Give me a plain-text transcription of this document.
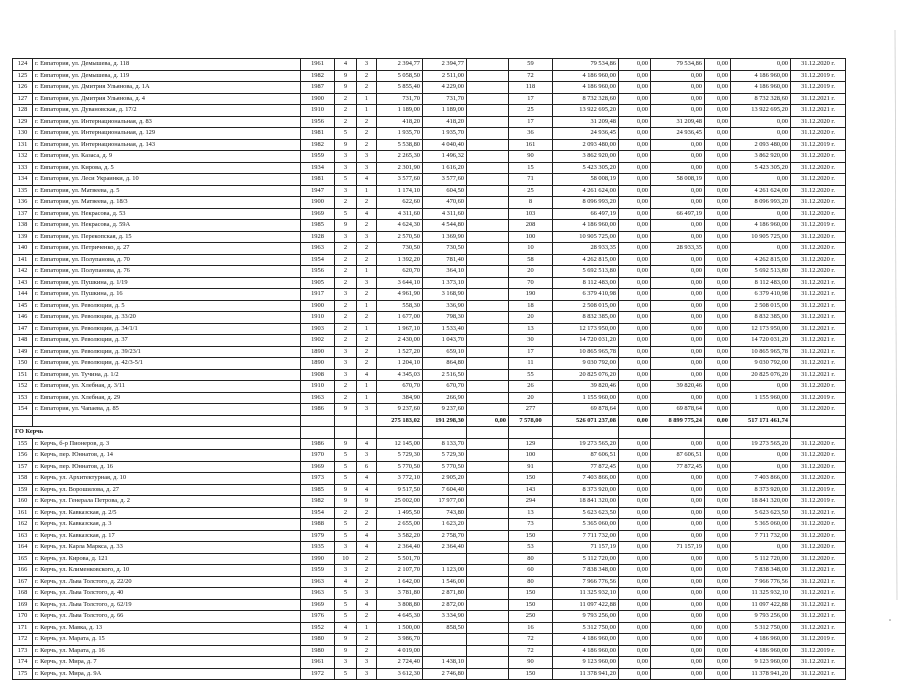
124	г. Евпатория, ул. Демышева, д. 118	1961	4	3	2 394,77	2 394,77		59	79 534,86	0,00	79 534,86	0,00	0,00	31.12.2020 г.
125	г. Евпатория, ул. Демышева, д. 119	1982	9	2	5 058,50	2 511,00		72	4 186 960,00	0,00	0,00	0,00	4 186 960,00	31.12.2019 г.
126	г. Евпатория, ул. Дмитрия Ульянова, д. 1А	1987	9	2	5 855,40	4 229,00		118	4 186 960,00	0,00	0,00	0,00	4 186 960,00	31.12.2019 г.
127	г. Евпатория, ул. Дмитрия Ульянова, д. 4	1900	2	1	731,70	731,70		17	8 732 328,60	0,00	0,00	0,00	8 732 328,60	31.12.2021 г.
128	г. Евпатория, ул. Дувановская, д. 17/2	1910	2	1	1 189,00	1 189,00		25	13 922 695,20	0,00	0,00	0,00	13 922 695,20	31.12.2021 г.
129	г. Евпатория, ул. Интернациональная, д. 83	1956	2	2	418,20	418,20		17	31 209,48	0,00	31 209,48	0,00	0,00	31.12.2020 г.
130	г. Евпатория, ул. Интернациональная, д. 129	1981	5	2	1 935,70	1 935,70		36	24 936,45	0,00	24 936,45	0,00	0,00	31.12.2020 г.
131	г. Евпатория, ул. Интернациональная, д. 143	1982	9	2	5 538,80	4 040,40		161	2 093 480,00	0,00	0,00	0,00	2 093 480,00	31.12.2019 г.
132	г. Евпатория, ул. Казаса, д. 9	1959	3	3	2 265,30	1 496,32		90	3 862 920,00	0,00	0,00	0,00	3 862 920,00	31.12.2020 г.
133	г. Евпатория, ул. Кирова, д. 5	1934	3	3	2 301,90	1 616,20		15	5 423 305,20	0,00	0,00	0,00	5 423 305,20	31.12.2020 г.
134	г. Евпатория, ул. Леси Украинки, д. 10	1981	5	4	3 577,60	3 577,60		71	58 008,19	0,00	58 008,19	0,00	0,00	31.12.2020 г.
135	г. Евпатория, ул. Матвеева, д. 5	1947	3	1	1 174,10	604,50		25	4 261 624,00	0,00	0,00	0,00	4 261 624,00	31.12.2020 г.
136	г. Евпатория, ул. Матвеева, д. 18/3	1900	2	2	622,60	470,60		8	8 096 993,20	0,00	0,00	0,00	8 096 993,20	31.12.2020 г.
137	г. Евпатория, ул. Некрасова, д. 53	1969	5	4	4 311,60	4 311,60		103	66 497,19	0,00	66 497,19	0,00	0,00	31.12.2020 г.
138	г. Евпатория, ул. Некрасова, д. 59А	1985	9	2	4 624,30	4 544,80		208	4 186 960,00	0,00	0,00	0,00	4 186 960,00	31.12.2019 г.
139	г. Евпатория, ул. Перекопская, д. 15	1928	3	3	2 570,50	1 369,90		100	10 905 725,00	0,00	0,00	0,00	10 905 725,00	31.12.2020 г.
140	г. Евпатория, ул. Петриченко, д. 27	1963	2	2	730,50	730,50		10	28 933,35	0,00	28 933,35	0,00	0,00	31.12.2020 г.
141	г. Евпатория, ул. Полупанова, д. 70	1954	2	2	1 392,20	781,40		58	4 262 815,00	0,00	0,00	0,00	4 262 815,00	31.12.2020 г.
142	г. Евпатория, ул. Полупанова, д. 76	1956	2	1	620,70	364,10		20	5 692 513,80	0,00	0,00	0,00	5 692 513,80	31.12.2020 г.
143	г. Евпатория, ул. Пушкина, д. 1/19	1905	2	3	3 644,10	1 373,10		70	8 112 483,00	0,00	0,00	0,00	8 112 483,00	31.12.2021 г.
144	г. Евпатория, ул. Пушкина, д. 16	1917	3	2	4 961,90	3 168,90		190	6 379 410,98	0,00	0,00	0,00	6 379 410,98	31.12.2021 г.
145	г. Евпатория, ул. Революции, д. 5	1900	2	1	558,30	336,90		18	2 508 015,00	0,00	0,00	0,00	2 508 015,00	31.12.2021 г.
146	г. Евпатория, ул. Революции, д. 33/20	1910	2	2	1 677,00	798,30		20	8 832 385,00	0,00	0,00	0,00	8 832 385,00	31.12.2021 г.
147	г. Евпатория, ул. Революции, д. 34/1/1	1903	2	1	1 967,10	1 533,40		13	12 173 950,00	0,00	0,00	0,00	12 173 950,00	31.12.2021 г.
148	г. Евпатория, ул. Революции, д. 37	1902	2	2	2 430,00	1 043,70		30	14 720 031,20	0,00	0,00	0,00	14 720 031,20	31.12.2021 г.
149	г. Евпатория, ул. Революции, д. 39/23/1	1890	3	2	1 527,20	659,10		17	10 865 965,78	0,00	0,00	0,00	10 865 965,78	31.12.2021 г.
150	г. Евпатория, ул. Революции, д. 42/3-5/1	1890	3	2	1 204,10	864,80		11	9 030 792,00	0,00	0,00	0,00	9 030 792,00	31.12.2021 г.
151	г. Евпатория, ул. Тучина, д. 1/2	1908	3	4	4 345,03	2 516,50		55	20 825 076,20	0,00	0,00	0,00	20 825 076,20	31.12.2021 г.
152	г. Евпатория, ул. Хлебная, д. 3/11	1910	2	1	670,70	670,70		26	39 820,46	0,00	39 820,46	0,00	0,00	31.12.2020 г.
153	г. Евпатория, ул. Хлебная, д. 29	1963	2	1	384,90	266,90		20	1 155 960,00	0,00	0,00	0,00	1 155 960,00	31.12.2019 г.
154	г. Евпатория, ул. Чапаева, д. 85	1986	9	3	9 237,60	9 237,60		277	69 878,64	0,00	69 878,64	0,00	0,00	31.12.2020 г.
					275 183,02	191 298,30	0,00	7 578,00	526 071 237,08	0,00	8 899 775,24	0,00	517 171 461,74	
ГО Керчь														
155	г. Керчь, б-р Пионеров, д. 3	1986	9	4	12 145,00	8 133,70		129	19 273 565,20	0,00	0,00	0,00	19 273 565,20	31.12.2020 г.
156	г. Керчь, пер. Юннатов, д. 14	1970	5	3	5 729,30	5 729,30		100	87 606,51	0,00	87 606,51	0,00	0,00	31.12.2020 г.
157	г. Керчь, пер. Юннатов, д. 16	1969	5	6	5 770,50	5 770,50		91	77 872,45	0,00	77 872,45	0,00	0,00	31.12.2020 г.
158	г. Керчь, ул. Архитектурная, д. 10	1973	5	4	3 772,10	2 905,20		150	7 403 866,00	0,00	0,00	0,00	7 403 866,00	31.12.2020 г.
159	г. Керчь, ул. Ворошилова, д. 27	1985	9	4	9 517,50	7 604,40		143	8 373 920,00	0,00	0,00	0,00	8 373 920,00	31.12.2019 г.
160	г. Керчь, ул. Генерала Петрова, д. 2	1982	9	9	25 002,00	17 977,00		294	18 841 320,00	0,00	0,00	0,00	18 841 320,00	31.12.2019 г.
161	г. Керчь, ул. Кавказская, д. 2/5	1954	2	2	1 495,50	743,80		13	5 623 623,50	0,00	0,00	0,00	5 623 623,50	31.12.2021 г.
162	г. Керчь, ул. Кавказская, д. 3	1988	5	2	2 655,00	1 623,20		73	5 365 060,00	0,00	0,00	0,00	5 365 060,00	31.12.2020 г.
163	г. Керчь, ул. Кавказская, д. 17	1979	5	4	3 582,20	2 758,70		150	7 711 732,00	0,00	0,00	0,00	7 711 732,00	31.12.2020 г.
164	г. Керчь, ул. Карла Маркса, д. 33	1935	3	4	2 364,40	2 364,40		53	71 157,19	0,00	71 157,19	0,00	0,00	31.12.2020 г.
165	г. Керчь, ул. Кирова, д. 121	1990	10	2	5 501,70			80	5 112 720,00	0,00	0,00	0,00	5 112 720,00	31.12.2020 г.
166	г. Керчь, ул. Клименковского, д. 10	1959	3	2	2 107,70	1 123,00		60	7 838 348,00	0,00	0,00	0,00	7 838 348,00	31.12.2021 г.
167	г. Керчь, ул. Льва Толстого, д. 22/20	1963	4	2	1 642,00	1 546,00		80	7 966 776,56	0,00	0,00	0,00	7 966 776,56	31.12.2021 г.
168	г. Керчь, ул. Льва Толстого, д. 40	1963	5	3	3 781,80	2 871,80		150	11 325 932,10	0,00	0,00	0,00	11 325 932,10	31.12.2021 г.
169	г. Керчь, ул. Льва Толстого, д. 62/19	1969	5	4	3 808,80	2 872,00		150	11 097 422,88	0,00	0,00	0,00	11 097 422,88	31.12.2021 г.
170	г. Керчь, ул. Льва Толстого, д. 66	1976	5	2	4 645,30	3 334,90		250	9 793 256,00	0,00	0,00	0,00	9 793 256,00	31.12.2021 г.
171	г. Керчь, ул. Мавка, д. 13	1952	4	1	1 500,00	858,50		16	5 312 750,00	0,00	0,00	0,00	5 312 750,00	31.12.2021 г.
172	г. Керчь, ул. Марата, д. 15	1980	9	2	3 986,70			72	4 186 960,00	0,00	0,00	0,00	4 186 960,00	31.12.2019 г.
173	г. Керчь, ул. Марата, д. 16	1980	9	2	4 019,00			72	4 186 960,00	0,00	0,00	0,00	4 186 960,00	31.12.2019 г.
174	г. Керчь, ул. Мира, д. 7	1961	3	3	2 724,40	1 438,10		90	9 123 960,00	0,00	0,00	0,00	9 123 960,00	31.12.2021 г.
175	г. Керчь, ул. Мира, д. 9А	1972	5	3	3 612,30	2 746,80		150	11 378 941,20	0,00	0,00	0,00	11 378 941,20	31.12.2021 г.
